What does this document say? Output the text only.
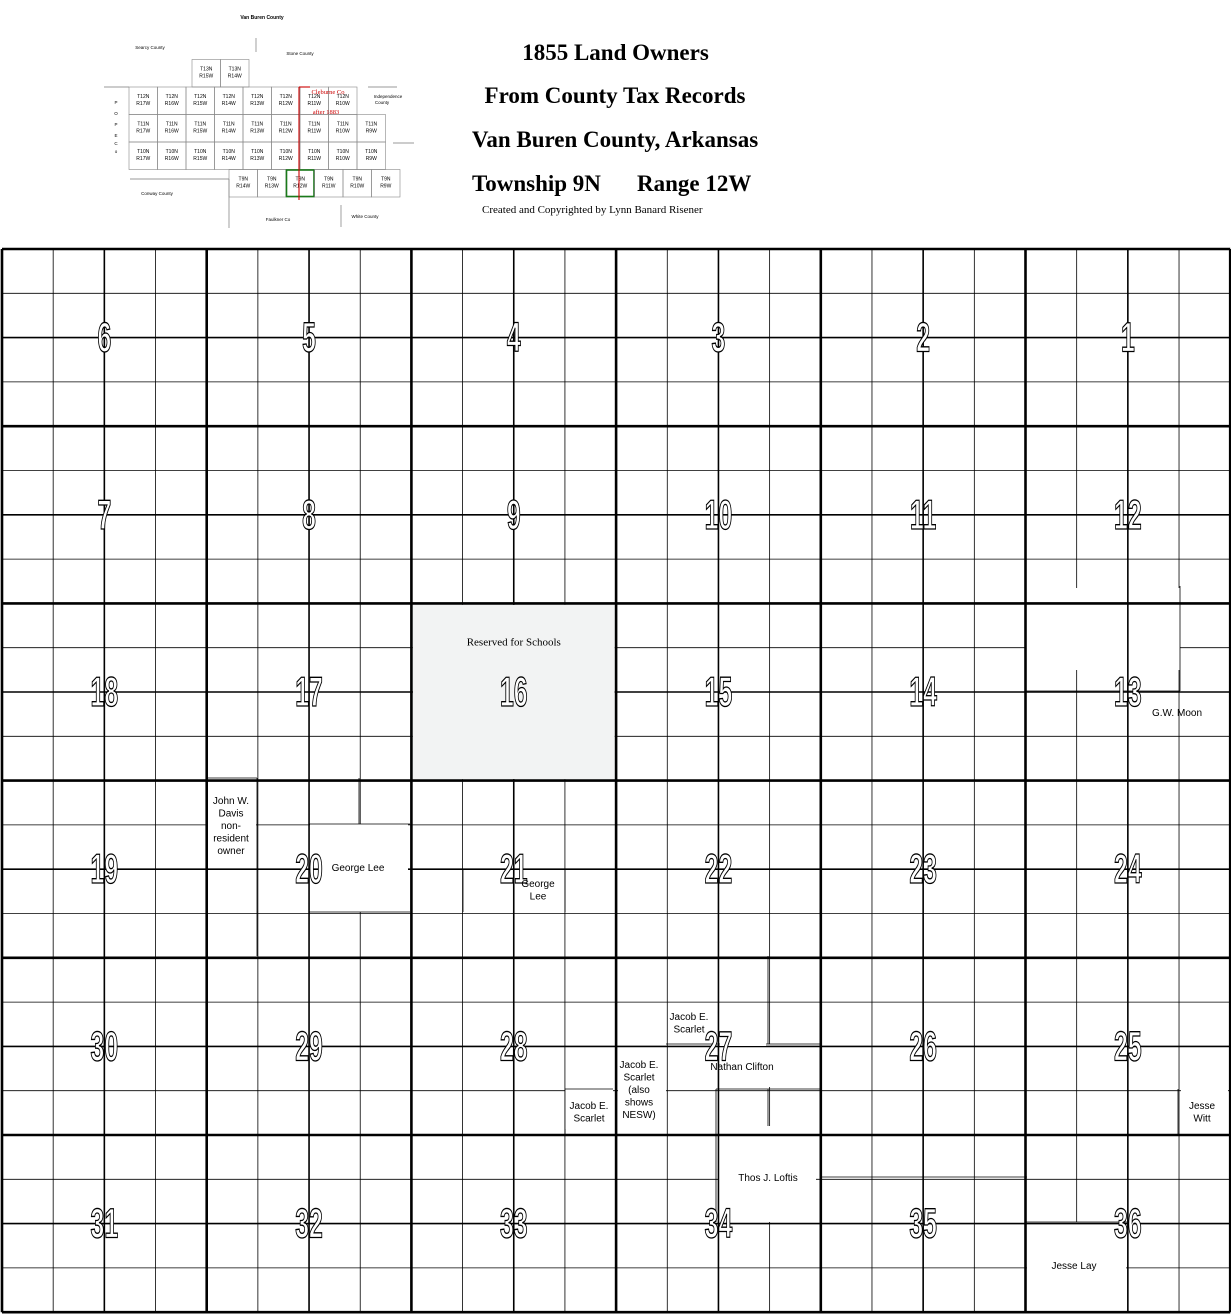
Van Buren County
Searcy County
Stone County
Independence
County
Conway County
Faulkner Co
White County
P
O
P
E
C
o
T13N
R15W
T13N
R14W
T12N
R17W
T12N
R16W
T12N
R15W
T12N
R14W
T12N
R13W
T12N
R12W
T12N
R11W
T12N
R10W
T11N
R17W
T11N
R16W
T11N
R15W
T11N
R14W
T11N
R13W
T11N
R12W
T11N
R11W
T11N
R10W
T11N
R9W
T10N
R17W
T10N
R16W
T10N
R15W
T10N
R14W
T10N
R13W
T10N
R12W
T10N
R11W
T10N
R10W
T10N
R9W
T9N
R14W
T9N
R13W
T9N
R12W
T9N
R11W
T9N
R10W
T9N
R9W
Cleburne Co
after 1883
1855 Land Owners
From County Tax Records
Van Buren County, Arkansas
Township 9N Range 12W
Created and Copyrighted by Lynn Banard Risener
6	5	4	3	2	1
7	8	9	10	11	12
18	17	16	15	14	13
19	20	21	22	23	24
30	29	28	27	26	25
31	32	33	34	35	36
Reserved for Schools
G.W. Moon
John W.
Davis
non-
resident
owner
George Lee
George
Lee
Jacob E.
Scarlet
Nathan Clifton
Jacob E.
Scarlet
(also
shows
NESW)
Jacob E.
Scarlet
Jesse
Witt
Thos J. Loftis
Jesse Lay
